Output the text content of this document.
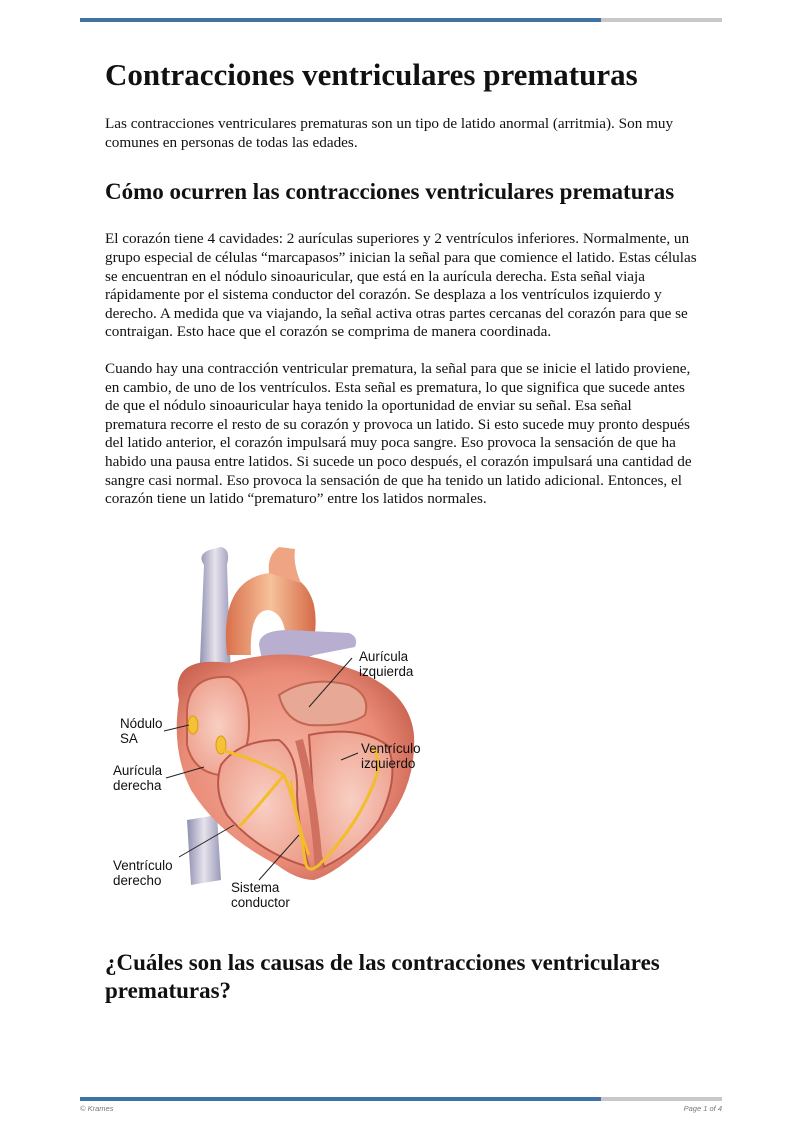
Contracciones ventriculares prematuras

Las contracciones ventriculares prematuras son un tipo de latido anormal (arritmia). Son muy comunes en personas de todas las edades.

Cómo ocurren las contracciones ventriculares prematuras

El corazón tiene 4 cavidades: 2 aurículas superiores y 2 ventrículos inferiores. Normalmente, un grupo especial de células “marcapasos” inician la señal para que comience el latido. Estas células se encuentran en el nódulo sinoauricular, que está en la aurícula derecha. Esta señal viaja rápidamente por el sistema conductor del corazón. Se desplaza a los ventrículos izquierdo y derecho. A medida que va viajando, la señal activa otras partes cercanas del corazón para que se contraigan. Esto hace que el corazón se comprima de manera coordinada.

Cuando hay una contracción ventricular prematura, la señal para que se inicie el latido proviene, en cambio, de uno de los ventrículos. Esta señal es prematura, lo que significa que sucede antes de que el nódulo sinoauricular haya tenido la oportunidad de enviar su señal. Esa señal prematura recorre el resto de su corazón y provoca un latido. Si esto sucede muy pronto después del latido anterior, el corazón impulsará muy poca sangre. Eso provoca la sensación de que ha habido una pausa entre latidos. Si sucede un poco después, el corazón impulsará una cantidad de sangre casi normal. Eso provoca la sensación de que ha tenido un latido adicional. Entonces, el corazón tiene un latido “prematuro” entre los latidos normales.

Aurícula
izquierda
Nódulo
SA
Ventrículo
izquierdo
Aurícula
derecha
Ventrículo
derecho	Sistema
conductor
¿Cuáles son las causas de las contracciones ventriculares prematuras?
© Krames	Page 1 of 4
